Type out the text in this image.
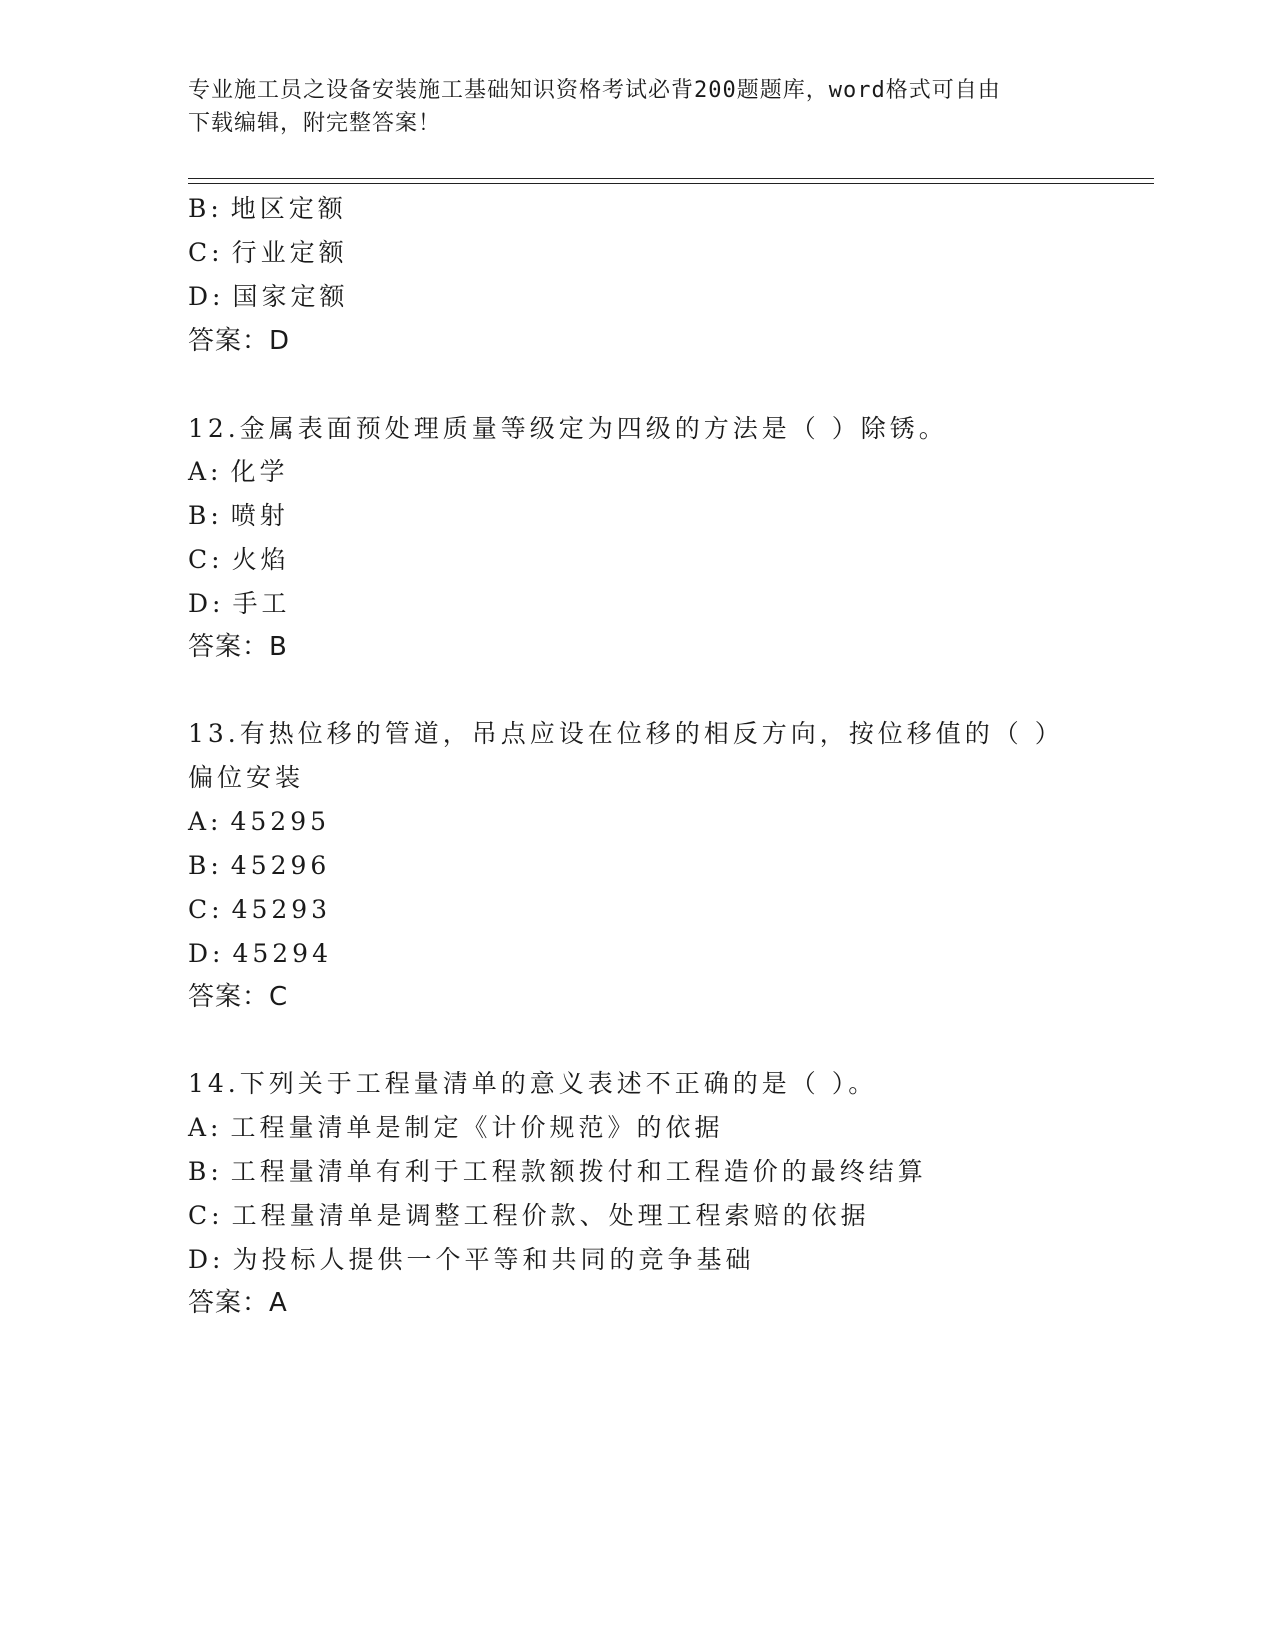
专业施工员之设备安装施工基础知识资格考试必背200题题库，word格式可自由
下载编辑，附完整答案！
B: 地区定额
C: 行业定额
D: 国家定额
答案：D
12.金属表面预处理质量等级定为四级的方法是（ ）除锈。
A: 化学
B: 喷射
C: 火焰
D: 手工
答案：B
13.有热位移的管道，吊点应设在位移的相反方向，按位移值的（ ）
偏位安装
A: 45295
B: 45296
C: 45293
D: 45294
答案：C
14.下列关于工程量清单的意义表述不正确的是（ ）。
A: 工程量清单是制定《计价规范》的依据
B: 工程量清单有利于工程款额拨付和工程造价的最终结算
C: 工程量清单是调整工程价款、处理工程索赔的依据
D: 为投标人提供一个平等和共同的竞争基础
答案：A
